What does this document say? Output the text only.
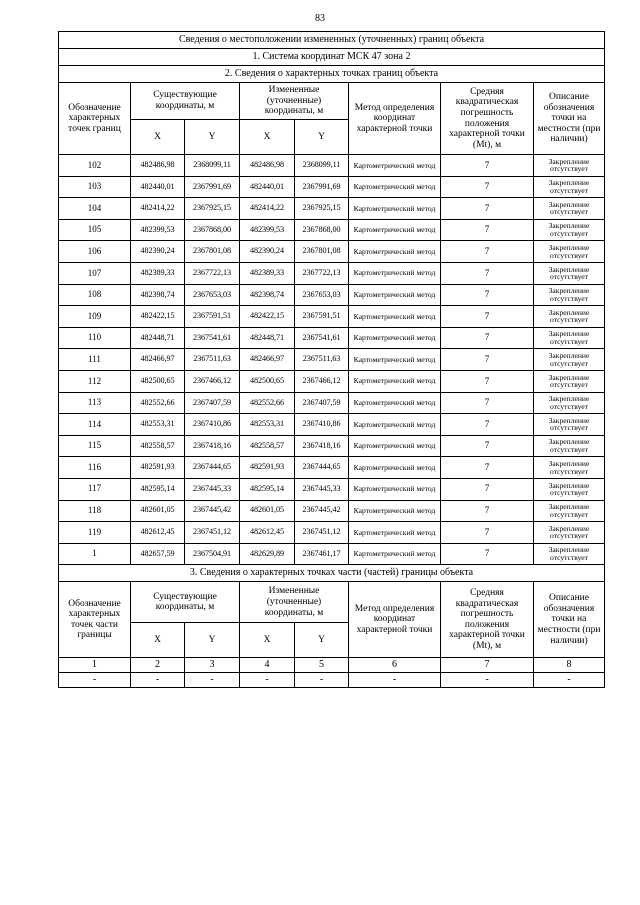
83
Сведения о местоположении измененных (уточненных) границ объекта							
1. Система координат МСК 47 зона 2							
2. Сведения о характерных точках границ объекта							
Обозначение характерных точек границ	Существующие координаты, м		Измененные (уточненные) координаты, м		Метод определения координат характерной точки	Средняя квадратическая погрешность положения характерной точки (Mt), м	Описание обозначения точки на местности (при наличии)
	X	Y	X	Y			
102	482486,98	2368099,11	482486,98	2368099,11	Картометрический метод	7	Закрепление отсутствует
103	482440,01	2367991,69	482440,01	2367991,69	Картометрический метод	7	Закрепление отсутствует
104	482414,22	2367925,15	482414,22	2367925,15	Картометрический метод	7	Закрепление отсутствует
105	482399,53	2367868,00	482399,53	2367868,00	Картометрический метод	7	Закрепление отсутствует
106	482390,24	2367801,08	482390,24	2367801,08	Картометрический метод	7	Закрепление отсутствует
107	482389,33	2367722,13	482389,33	2367722,13	Картометрический метод	7	Закрепление отсутствует
108	482398,74	2367653,03	482398,74	2367653,03	Картометрический метод	7	Закрепление отсутствует
109	482422,15	2367591,51	482422,15	2367591,51	Картометрический метод	7	Закрепление отсутствует
110	482448,71	2367541,61	482448,71	2367541,61	Картометрический метод	7	Закрепление отсутствует
111	482466,97	2367511,63	482466,97	2367511,63	Картометрический метод	7	Закрепление отсутствует
112	482500,65	2367466,12	482500,65	2367466,12	Картометрический метод	7	Закрепление отсутствует
113	482552,66	2367407,59	482552,66	2367407,59	Картометрический метод	7	Закрепление отсутствует
114	482553,31	2367410,86	482553,31	2367410,86	Картометрический метод	7	Закрепление отсутствует
115	482558,57	2367418,16	482558,57	2367418,16	Картометрический метод	7	Закрепление отсутствует
116	482591,93	2367444,65	482591,93	2367444,65	Картометрический метод	7	Закрепление отсутствует
117	482595,14	2367445,33	482595,14	2367445,33	Картометрический метод	7	Закрепление отсутствует
118	482601,05	2367445,42	482601,05	2367445,42	Картометрический метод	7	Закрепление отсутствует
119	482612,45	2367451,12	482612,45	2367451,12	Картометрический метод	7	Закрепление отсутствует
1	482657,59	2367504,91	482629,89	2367461,17	Картометрический метод	7	Закрепление отсутствует
3. Сведения о характерных точках части (частей) границы объекта							
Обозначение характерных точек части границы	Существующие координаты, м		Измененные (уточненные) координаты, м		Метод определения координат характерной точки	Средняя квадратическая погрешность положения характерной точки (Mt), м	Описание обозначения точки на местности (при наличии)
	X	Y	X	Y			
1	2	3	4	5	6	7	8
-	-	-	-	-	-	-	-
